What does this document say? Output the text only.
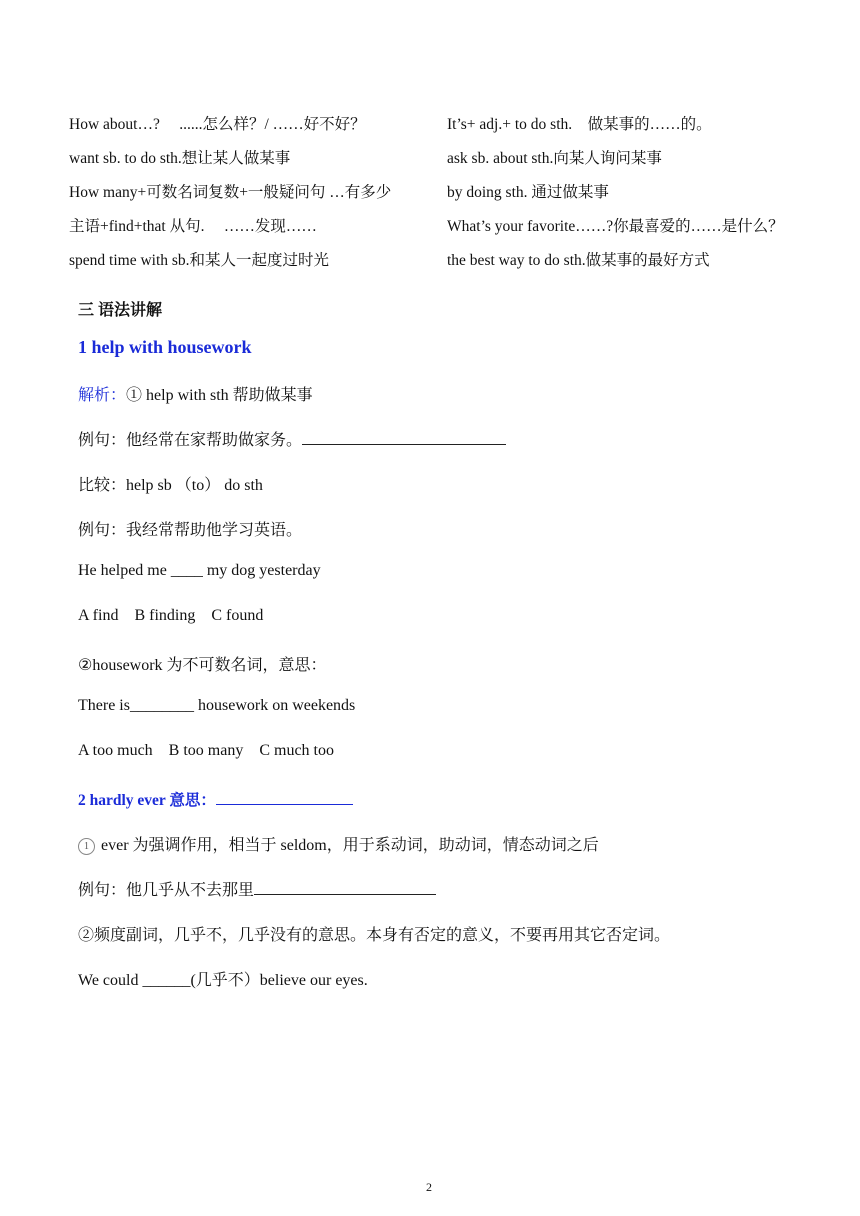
How about…?　 ......怎么样？/ ……好不好？
want sb. to do sth.想让某人做某事
How many+可数名词复数+一般疑问句 …有多少
主语+find+that 从句.　 ……发现……
spend time with sb.和某人一起度过时光
It’s+ adj.+ to do sth.　做某事的……的。
ask sb. about sth.向某人询问某事
by doing sth. 通过做某事
What’s your favorite……?你最喜爱的……是什么？
the best way to do sth.做某事的最好方式
三 语法讲解
1 help with housework
解析：① help with sth 帮助做某事
例句：他经常在家帮助做家务。
比较：help sb （to） do sth
例句：我经常帮助他学习英语。
He helped me ____ my dog yesterday
A find    B finding    C found
②housework 为不可数名词，意思：
There is________ housework on weekends
A too much    B too many    C much too
2 hardly ever 意思：
1 ever 为强调作用，相当于 seldom，用于系动词，助动词，情态动词之后
例句：他几乎从不去那里
②频度副词，几乎不，几乎没有的意思。本身有否定的意义，不要再用其它否定词。
We could ______(几乎不）believe our eyes.
2
